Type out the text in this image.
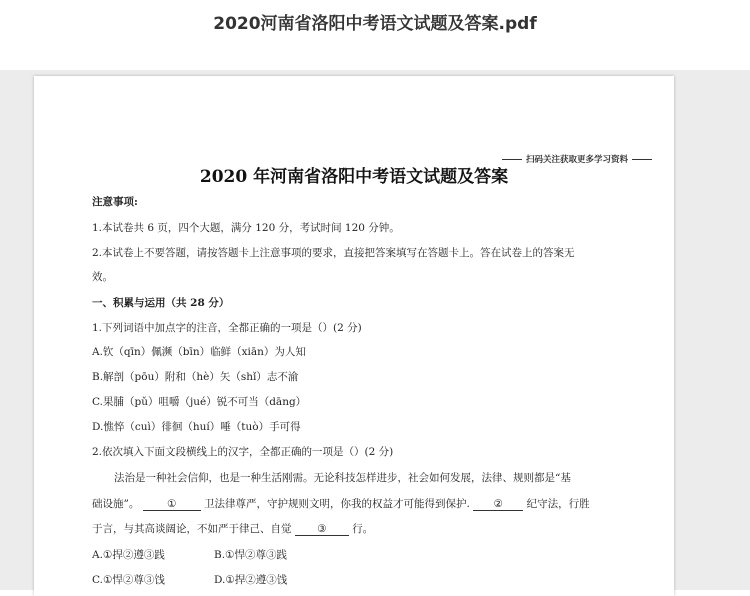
2020河南省洛阳中考语文试题及答案.pdf
扫码关注获取更多学习资料
2020 年河南省洛阳中考语文试题及答案
注意事项:
1.本试卷共 6 页，四个大题，满分 120 分，考试时间 120 分钟。
2.本试卷上不要答题，请按答题卡上注意事项的要求，直接把答案填写在答题卡上。答在试卷上的答案无
效。
一、积累与运用（共 28 分）
1.下列词语中加点字的注音，全都正确的一项是（）(2 分)
A.钦（qīn）佩濒（bīn）临鲜（xiān）为人知
B.解剖（pōu）附和（hè）矢（shǐ）志不渝
C.果脯（pǔ）咀嚼（jué）锐不可当（dāng）
D.憔悴（cuì）徘徊（huí）唾（tuò）手可得
2.依次填入下面文段横线上的汉字，全都正确的一项是（）(2 分)
法治是一种社会信仰，也是一种生活刚需。无论科技怎样进步，社会如何发展，法律、规则都是“基
础设施”。	①	卫法律尊严，守护规则文明，你我的权益才可能得到保护. ② 纪守法，行胜
于言，与其高谈阔论，不如严于律己、自觉 ③ 行。
A.①捍②遵③践	B.①悍②尊③践
C.①悍②尊③饯	D.①捍②遵③饯
